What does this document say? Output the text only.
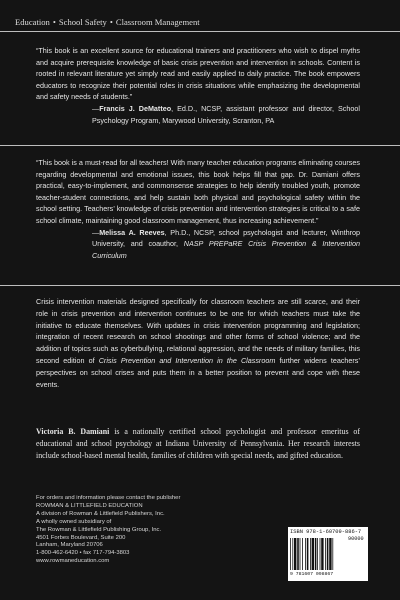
Education • School Safety • Classroom Management

“This book is an excellent source for educational trainers and practitioners who wish to dispel myths and acquire prerequisite knowledge of basic crisis prevention and intervention in schools. Content is rooted in relevant literature yet simply read and easily applied to daily practice. The book empowers educators to recognize their potential roles in crisis situations while emphasizing the developmental and safety needs of students.”

—Francis J. DeMatteo, Ed.D., NCSP, assistant professor and director, School Psychology Program, Marywood University, Scranton, PA

“This book is a must-read for all teachers! With many teacher education programs eliminating courses regarding developmental and emotional issues, this book helps fill that gap. Dr. Damiani offers practical, easy-to-implement, and commonsense strategies to help identify troubled youth, promote teacher-student connections, and help sustain both physical and psychological safety within the school setting. Teachers’ knowledge of crisis prevention and intervention strategies is critical to a safe school climate, maintaining good classroom management, thus increasing achievement.”

—Melissa A. Reeves, Ph.D., NCSP, school psychologist and lecturer, Winthrop University, and coauthor, NASP PREPaRE Crisis Prevention & Intervention Curriculum

Crisis intervention materials designed specifically for classroom teachers are still scarce, and their role in crisis prevention and intervention continues to be one for which teachers must take the initiative to educate themselves. With updates in crisis intervention programming and legislation; integration of recent research on school shootings and other forms of school violence; and the addition of topics such as cyberbullying, relational aggression, and the needs of military families, this second edition of Crisis Prevention and Intervention in the Classroom further widens teachers’ perspectives on school crises and puts them in a better position to prevent and cope with these events.

Victoria B. Damiani is a nationally certified school psychologist and professor emeritus of educational and school psychology at Indiana University of Pennsylvania. Her research interests include school-based mental health, families of children with special needs, and gifted education.

For orders and information please contact the publisher
ROWMAN & LITTLEFIELD EDUCATION
A division of Rowman & Littlefield Publishers, Inc.
A wholly owned subsidiary of
The Rowman & Littlefield Publishing Group, Inc.
4501 Forbes Boulevard, Suite 200
Lanham, Maryland 20706
1-800-462-6420 • fax 717-794-3803
www.rowmaneducation.com
ISBN 978-1-60709-886-7
90000
9 781607 098867
